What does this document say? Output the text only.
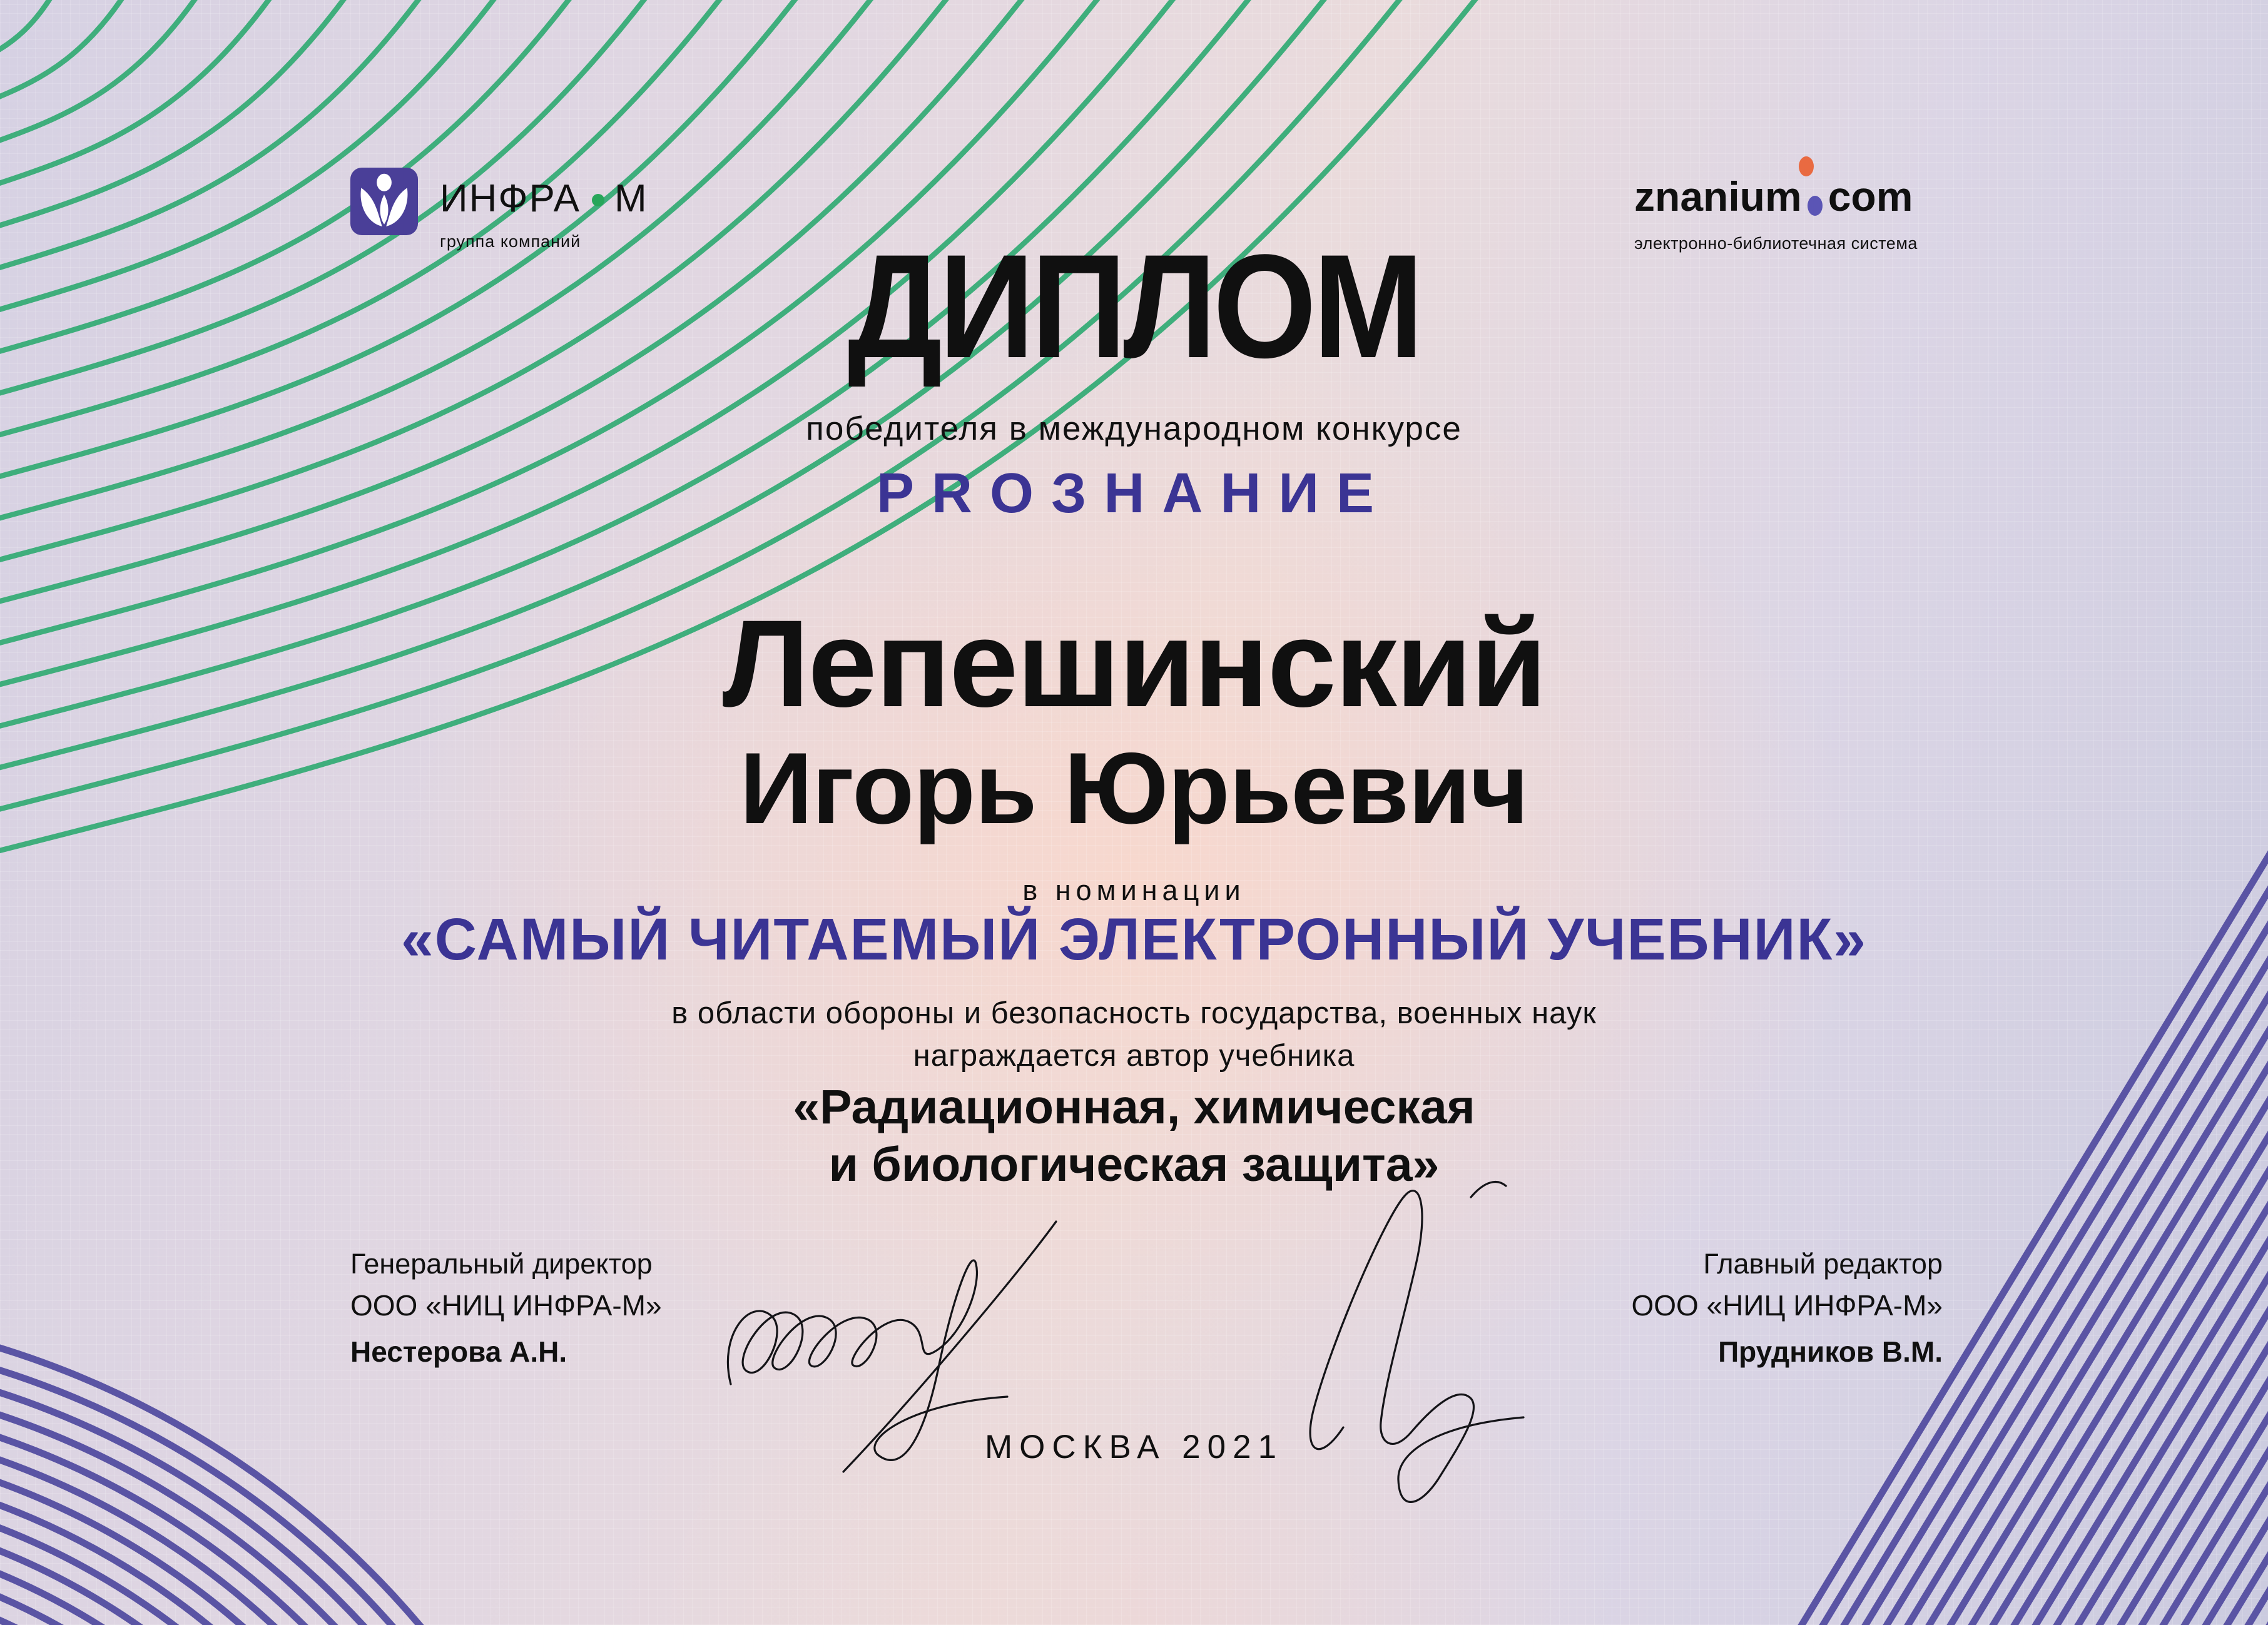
ИНФРА М
группа компаний
znanium com
электронно-библиотечная система
ДИПЛОМ
победителя в международном конкурсе
PROЗНАНИЕ
Лепешинский
Игорь Юрьевич
в номинации
«САМЫЙ ЧИТАЕМЫЙ ЭЛЕКТРОННЫЙ УЧЕБНИК»
в области обороны и безопасность государства, военных наук
награждается автор учебника
«Радиационная, химическая
и биологическая защита»
Генеральный директор
ООО «НИЦ ИНФРА-М»
Нестерова А.Н.
Главный редактор
ООО «НИЦ ИНФРА-М»
Прудников В.М.
МОСКВА 2021
